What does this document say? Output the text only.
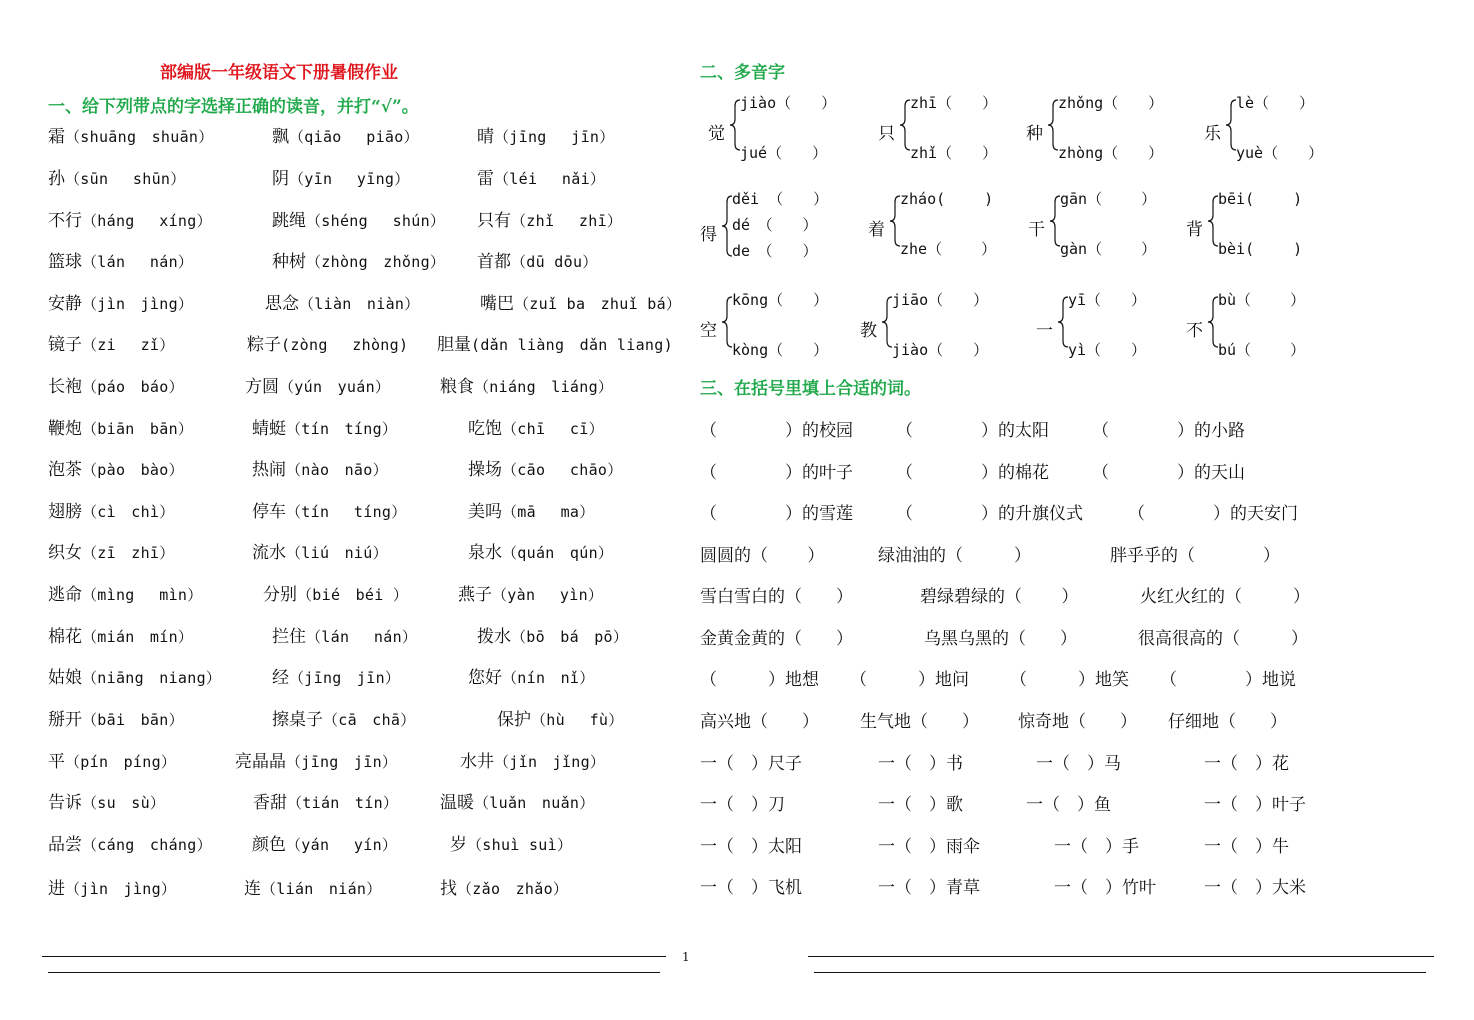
部编版一年级语文下册暑假作业
一、给下列带点的字选择正确的读音，并打“√”。
霜（shuāng　shuān）	飘（qiāo　 piāo）	晴（jīng　 jīn）
孙（sūn　 shūn）	阴（yīn　 yīng）	雷（léi　 nǎi）
不行（háng　 xíng）	跳绳（shéng　 shún） 只有（zhǐ　 zhī）
篮球（lán　 nán）	种树（zhòng　zhǒng） 首都（dū dōu）
安静（jìn　jìng）	思念（liàn　niàn）	嘴巴（zuǐ ba　zhuǐ bá）
镜子（zi　 zǐ）	粽子(zòng　 zhòng) 胆量(dǎn liàng　dǎn liang)
长袍（páo　báo）	方圆（yún　yuán）	粮食（niáng　liáng）
鞭炮（biān　bān）	蜻蜓（tín　tíng）	吃饱（chī　 cī）
泡茶（pào　bào）	热闹（nào　nāo）	操场（cāo　 chāo）
翅膀（cì　chì）	停车（tín　 tíng）	美吗（mā　 ma）
织女（zī　zhī）	流水（liú　niú）	泉水（quán　qún）
逃命（mìng　 mìn）	分别（bié　béi ）	燕子（yàn　 yìn）
棉花（mián　mín）	拦住（lán　 nán）	拨水（bō　bá　pō）
姑娘（niāng　niang）	经（jīng　jīn）	您好（nín　nǐ）
掰开（bāi　bān）	擦桌子（cā　chā）	保护（hù　 fù）
平（pín　píng）	亮晶晶（jīng　jīn）	水井（jǐn　jǐng）
告诉（su　sù）	香甜（tián　tín） 温暖（luǎn　nuǎn）
品尝（cáng　cháng） 颜色（yán　 yín）	岁（shuì suì）
进（jìn　jìng）	连（lián　nián）	找（zǎo　zhǎo）
二、多音字
觉
jiào（　　）
jué（　　）
只
zhī（　　）
zhǐ（　　）
种
zhǒng（　　）
zhòng（　　）
乐
lè（　　）
yuè（　　）
得
děi （　　）
dé　（　　）
de　（　　）
着
zháo(　　 )
zhe（　　 ）
干
gān（　　 ）
gàn（　　 ）
背
bēi(　　 )
bèi(　　 )
空
kōng（　　）
kòng（　　）
教
jiāo（　　）
jiào（　　）
一
yī（　　）
yì（　　）
不
bù（　　 ）
bú（　　 ）
三、在括号里填上合适的词。
（　　　　）的校园	（　　　　）的太阳	（　　　　）的小路
（　　　　）的叶子	（　　　　）的棉花	（　　　　）的天山
（　　　　）的雪莲	（　　　　）的升旗仪式	（　　　　）的天安门
圆圆的（　　 ）	绿油油的（　　　）	胖乎乎的（　　　　）
雪白雪白的（　　）	碧绿碧绿的（　　 ）	火红火红的（　　　）
金黄金黄的（　　）	乌黑乌黑的（　　）	很高很高的（　　　）
（　　　）地想 （　　　）地问 （　　　）地笑 （　　　　）地说
高兴地（　　） 生气地（　　） 惊奇地（　　） 仔细地（　　）
一（　）尺子	一（　）书	一（　）马	一（　）花
一（　）刀	一（　）歌	一（　）鱼	一（　）叶子
一（　）太阳	一（　）雨伞	一（　）手	一（　）牛
一（　）飞机	一（　）青草	一（　）竹叶	一（　）大米
1
